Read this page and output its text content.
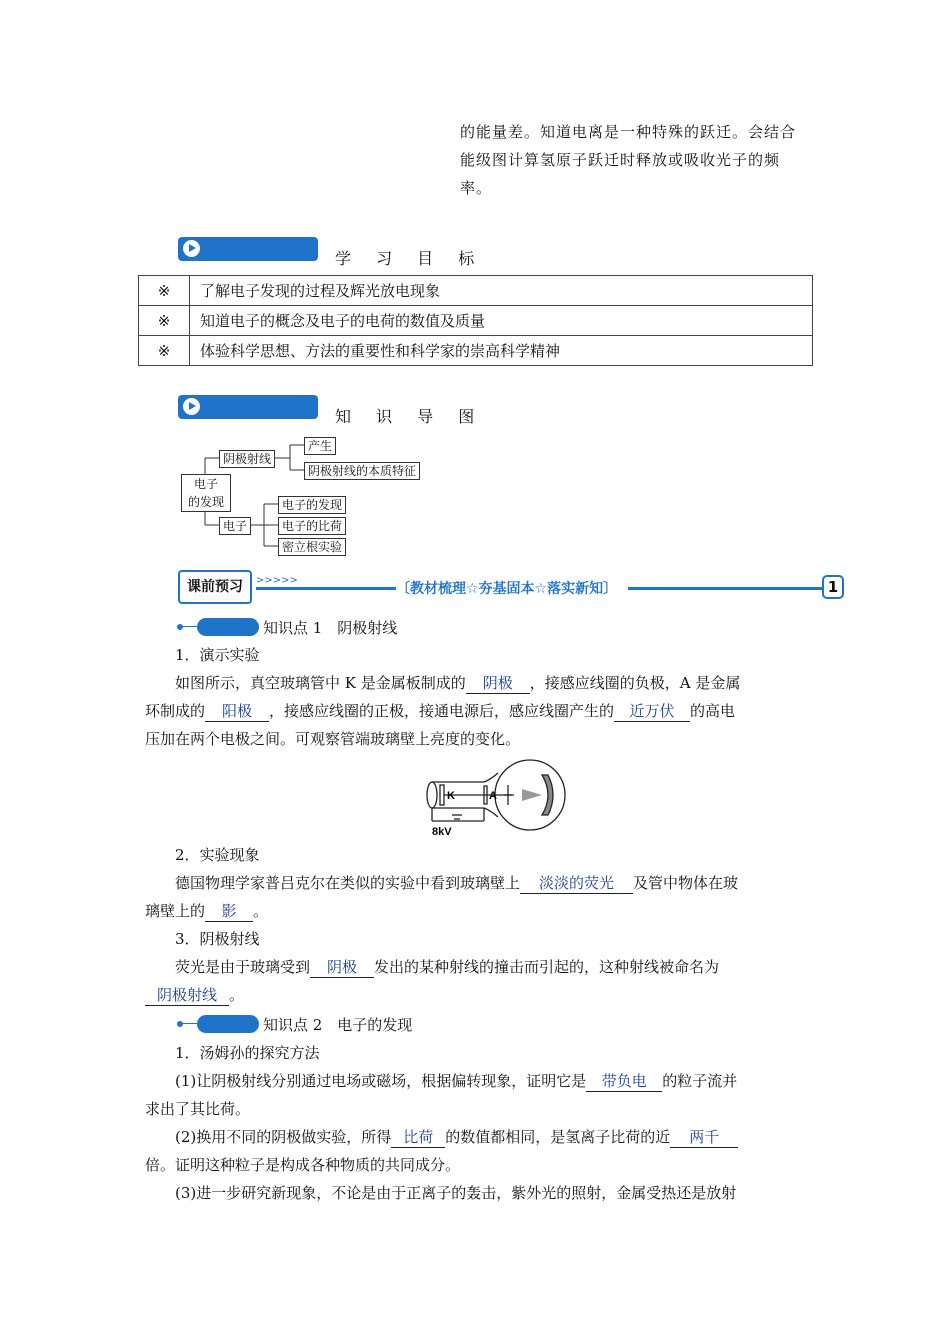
的能量差。知道电离是一种特殊的跃迁。会结合
能级图计算氢原子跃迁时释放或吸收光子的频
率。
学 习 目 标
※	了解电子发现的过程及辉光放电现象
※	知道电子的概念及电子的电荷的数值及质量
※	体验科学思想、方法的重要性和科学家的崇高科学精神
知 识 导 图
电子
的发现
阴极射线
产生
阴极射线的本质特征
电子
电子的发现
电子的比荷
密立根实验
课前预习	>>>>>
〔教材梳理☆夯基固本☆落实新知〕	1
知识点 1　阴极射线
1．演示实验
如图所示，真空玻璃管中 K 是金属板制成的 阴极 ，接感应线圈的负极，A 是金属
环制成的 阳极 ，接感应线圈的正极，接通电源后，感应线圈产生的 近万伏 的高电
压加在两个电极之间。可观察管端玻璃壁上亮度的变化。
K	A
8kV
2．实验现象
德国物理学家普吕克尔在类似的实验中看到玻璃壁上 淡淡的荧光 及管中物体在玻
璃壁上的 影 。
3．阴极射线
荧光是由于玻璃受到 阴极 发出的某种射线的撞击而引起的，这种射线被命名为
阴极射线 。
知识点 2　电子的发现
1．汤姆孙的探究方法
(1)让阴极射线分别通过电场或磁场，根据偏转现象，证明它是 带负电 的粒子流并
求出了其比荷。
(2)换用不同的阴极做实验，所得 比荷 的数值都相同，是氢离子比荷的近 两千
倍。证明这种粒子是构成各种物质的共同成分。
(3)进一步研究新现象，不论是由于正离子的轰击，紫外光的照射，金属受热还是放射
